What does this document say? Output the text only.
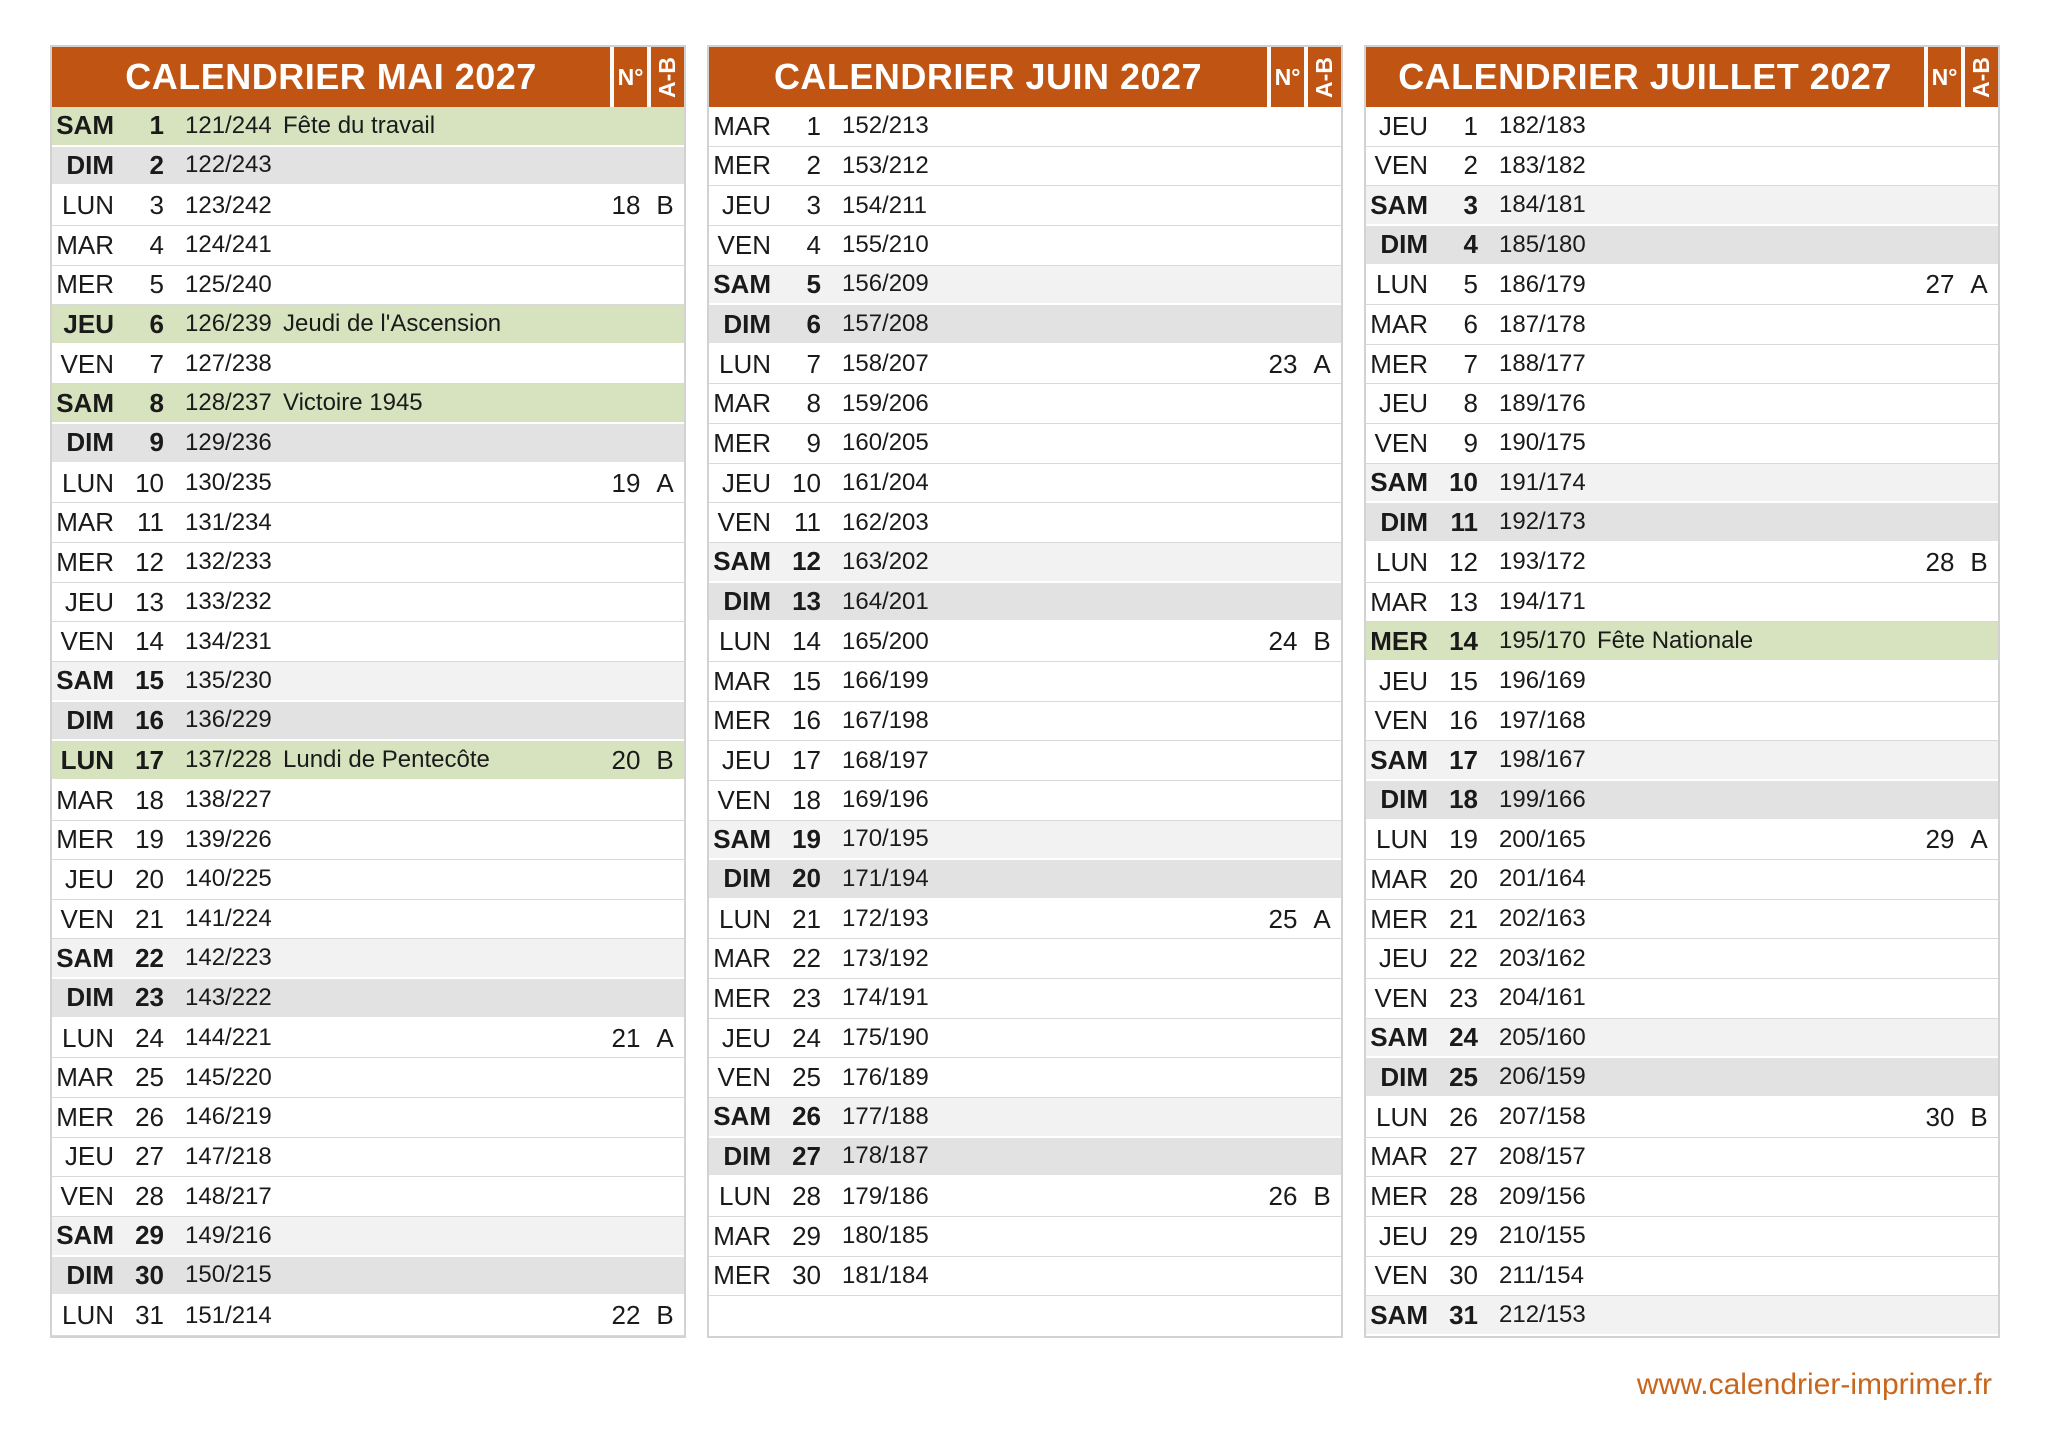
CALENDRIER MAI 2027	N° A-B
SAM	1 121/244 Fête du travail
DIM	2 122/243
LUN	3 123/242	18 B
MAR	4 124/241
MER	5 125/240
JEU	6 126/239 Jeudi de l'Ascension
VEN	7 127/238
SAM	8 128/237 Victoire 1945
DIM	9 129/236
LUN 10 130/235	19 A
MAR 11 131/234
MER 12 132/233
JEU 13 133/232
VEN 14 134/231
SAM 15 135/230
DIM 16 136/229
LUN 17 137/228 Lundi de Pentecôte	20 B
MAR 18 138/227
MER 19 139/226
JEU 20 140/225
VEN 21 141/224
SAM 22 142/223
DIM 23 143/222
LUN 24 144/221	21 A
MAR 25 145/220
MER 26 146/219
JEU 27 147/218
VEN 28 148/217
SAM 29 149/216
DIM 30 150/215
LUN 31 151/214	22 B
CALENDRIER JUIN 2027	N° A-B
MAR	1 152/213
MER	2 153/212
JEU	3 154/211
VEN	4 155/210
SAM	5 156/209
DIM	6 157/208
LUN	7 158/207	23 A
MAR	8 159/206
MER	9 160/205
JEU 10 161/204
VEN 11 162/203
SAM 12 163/202
DIM 13 164/201
LUN 14 165/200	24 B
MAR 15 166/199
MER 16 167/198
JEU 17 168/197
VEN 18 169/196
SAM 19 170/195
DIM 20 171/194
LUN 21 172/193	25 A
MAR 22 173/192
MER 23 174/191
JEU 24 175/190
VEN 25 176/189
SAM 26 177/188
DIM 27 178/187
LUN 28 179/186	26 B
MAR 29 180/185
MER 30 181/184
CALENDRIER JUILLET 2027	N° A-B
JEU	1 182/183
VEN	2 183/182
SAM	3 184/181
DIM	4 185/180
LUN	5 186/179	27 A
MAR	6 187/178
MER	7 188/177
JEU	8 189/176
VEN	9 190/175
SAM 10 191/174
DIM 11 192/173
LUN 12 193/172	28 B
MAR 13 194/171
MER 14 195/170 Fête Nationale
JEU 15 196/169
VEN 16 197/168
SAM 17 198/167
DIM 18 199/166
LUN 19 200/165	29 A
MAR 20 201/164
MER 21 202/163
JEU 22 203/162
VEN 23 204/161
SAM 24 205/160
DIM 25 206/159
LUN 26 207/158	30 B
MAR 27 208/157
MER 28 209/156
JEU 29 210/155
VEN 30 211/154
SAM 31 212/153
www.calendrier-imprimer.fr
